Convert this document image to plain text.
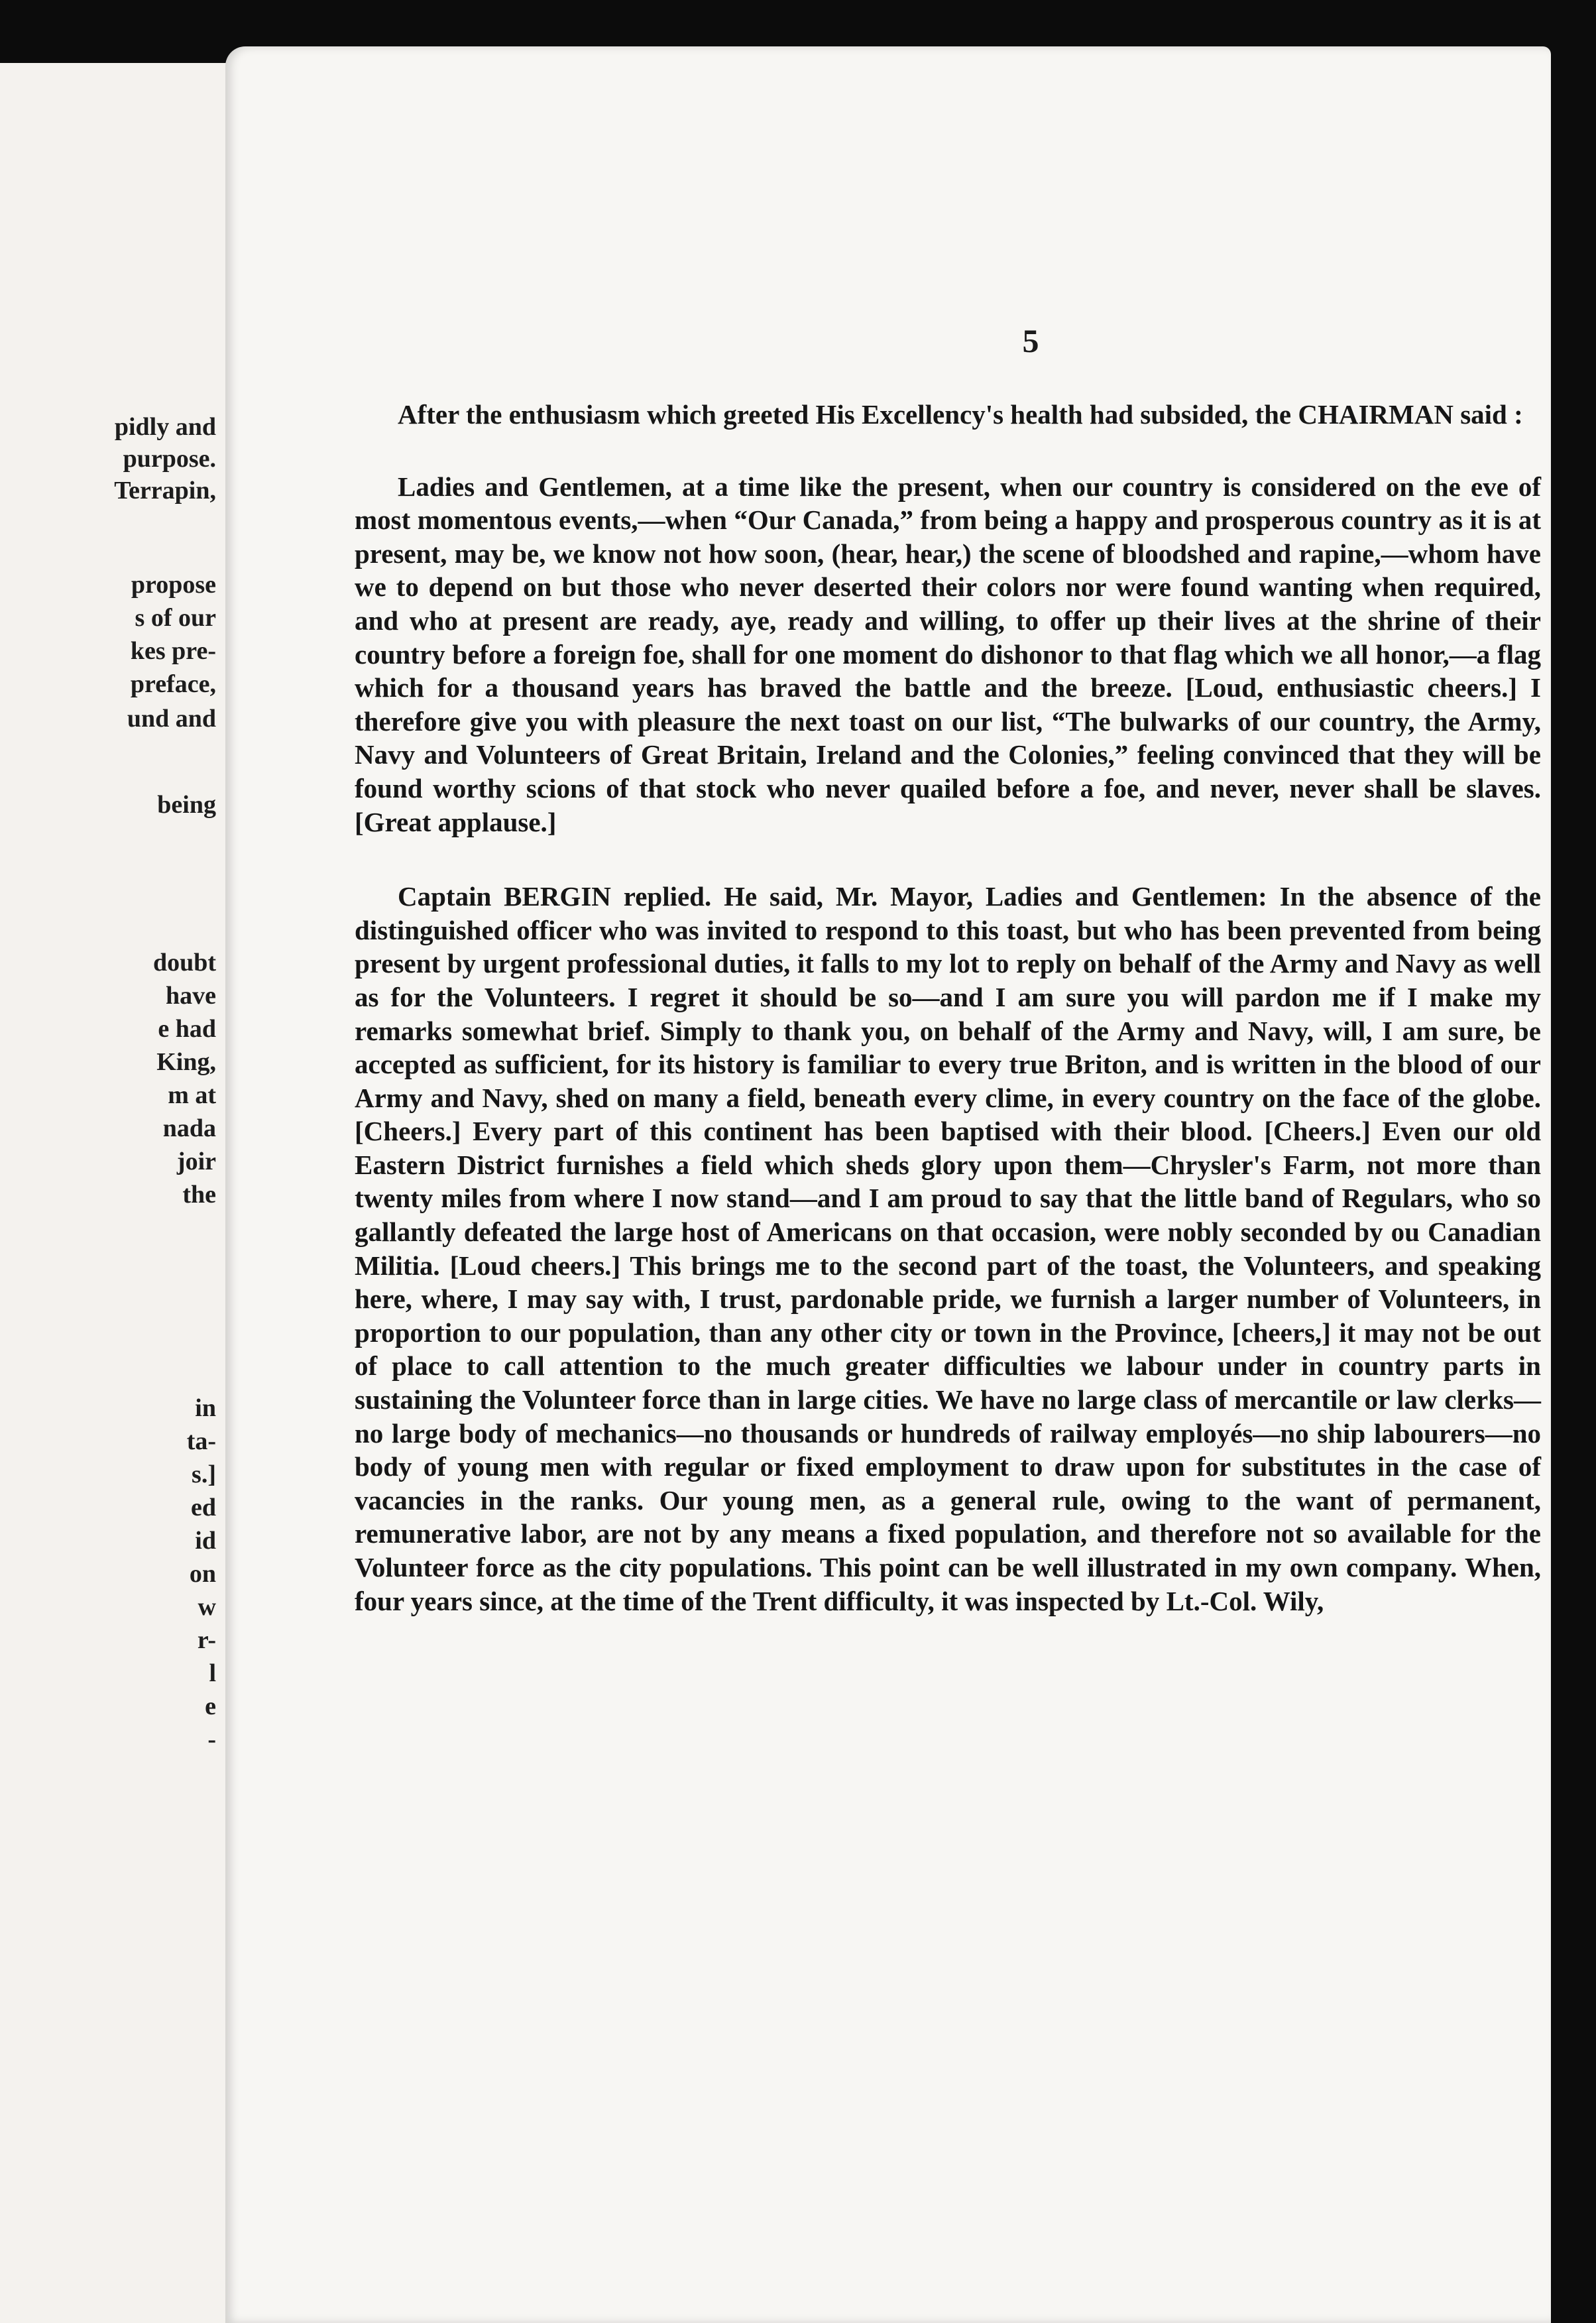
pidly and
purpose.
Terrapin,
propose
s of our
kes pre-
preface,
und and
being
doubt
have
e had
King,
m at
nada
joir
the
in
ta-
s.]
ed
id
on
w
r-
l
e
-
5

After the enthusiasm which greeted His Excellency's health had subsided, the CHAIRMAN said :

Ladies and Gentlemen, at a time like the present, when our country is considered on the eve of most momentous events,—when “Our Canada,” from being a happy and prosperous country as it is at present, may be, we know not how soon, (hear, hear,) the scene of bloodshed and rapine,—whom have we to depend on but those who never deserted their colors nor were found wanting when required, and who at present are ready, aye, ready and willing, to offer up their lives at the shrine of their country before a foreign foe, shall for one moment do dishonor to that flag which we all honor,—a flag which for a thousand years has braved the battle and the breeze. [Loud, enthusiastic cheers.] I therefore give you with pleasure the next toast on our list, “The bulwarks of our country, the Army, Navy and Volunteers of Great Britain, Ireland and the Colonies,” feeling convinced that they will be found worthy scions of that stock who never quailed before a foe, and never, never shall be slaves. [Great applause.]

Captain BERGIN replied. He said, Mr. Mayor, Ladies and Gentlemen: In the absence of the distinguished officer who was invited to respond to this toast, but who has been prevented from being present by urgent professional duties, it falls to my lot to reply on behalf of the Army and Navy as well as for the Volunteers. I regret it should be so—and I am sure you will pardon me if I make my remarks somewhat brief. Simply to thank you, on behalf of the Army and Navy, will, I am sure, be accepted as sufficient, for its history is familiar to every true Briton, and is written in the blood of our Army and Navy, shed on many a field, beneath every clime, in every country on the face of the globe. [Cheers.] Every part of this continent has been baptised with their blood. [Cheers.] Even our old Eastern District furnishes a field which sheds glory upon them—Chrysler's Farm, not more than twenty miles from where I now stand—and I am proud to say that the little band of Regulars, who so gallantly defeated the large host of Americans on that occasion, were nobly seconded by ou Canadian Militia. [Loud cheers.] This brings me to the second part of the toast, the Volunteers, and speaking here, where, I may say with, I trust, pardonable pride, we furnish a larger number of Volunteers, in proportion to our population, than any other city or town in the Province, [cheers,] it may not be out of place to call attention to the much greater difficulties we labour under in country parts in sustaining the Volunteer force than in large cities. We have no large class of mercantile or law clerks—no large body of mechanics—no thousands or hundreds of railway employés—no ship labourers—no body of young men with regular or fixed employment to draw upon for substitutes in the case of vacancies in the ranks. Our young men, as a general rule, owing to the want of permanent, remunerative labor, are not by any means a fixed population, and therefore not so available for the Volunteer force as the city populations. This point can be well illustrated in my own company. When, four years since, at the time of the Trent difficulty, it was inspected by Lt.-Col. Wily,
